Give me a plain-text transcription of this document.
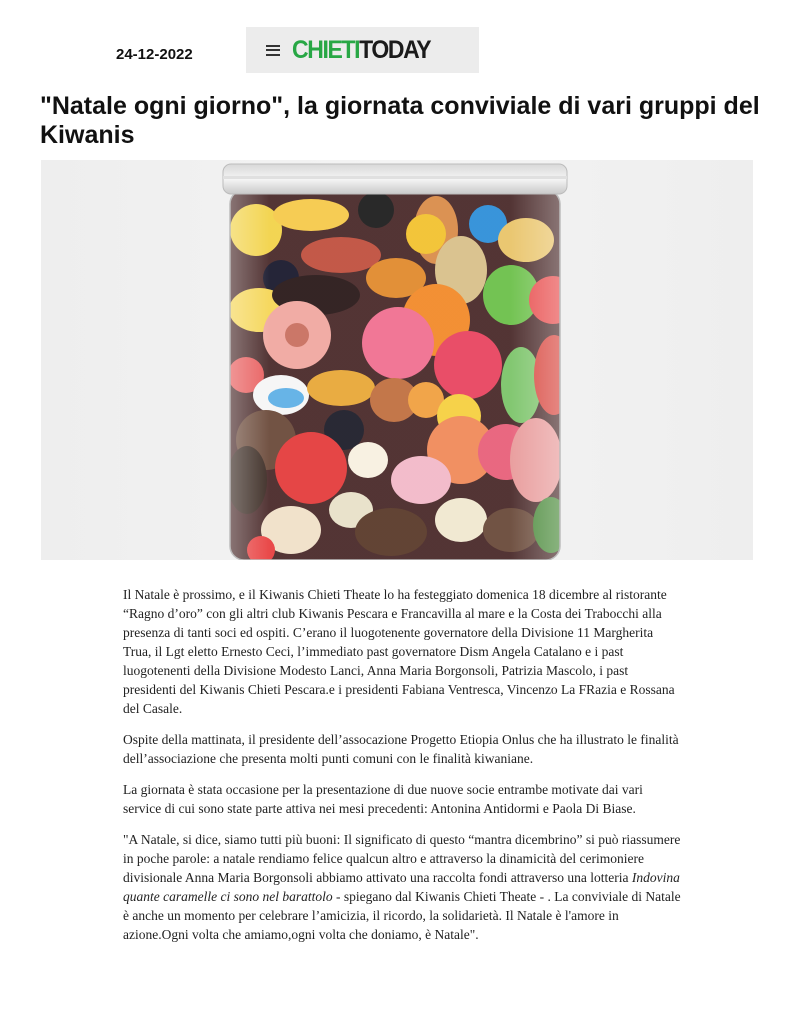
24-12-2022	CHIETITODAY
"Natale ogni giorno", la giornata conviviale di vari gruppi del Kiwanis

Il Natale è prossimo, e il Kiwanis Chieti Theate lo ha festeggiato domenica 18 dicembre al ristorante “Ragno d’oro” con gli altri club Kiwanis Pescara e Francavilla al mare e la Costa dei Trabocchi alla presenza di tanti soci ed ospiti. C’erano il luogotenente governatore della Divisione 11 Margherita Trua, il Lgt eletto Ernesto Ceci, l’immediato past governatore Dism Angela Catalano e i past luogotenenti della Divisione Modesto Lanci, Anna Maria Borgonsoli, Patrizia Mascolo, i past presidenti del Kiwanis Chieti Pescara.e i presidenti Fabiana Ventresca, Vincenzo La FRazia e Rossana del Casale.

Ospite della mattinata, il presidente dell’assocazione Progetto Etiopia Onlus che ha illustrato le finalità dell’associazione che presenta molti punti comuni con le finalità kiwaniane.

La giornata è stata occasione per la presentazione di due nuove socie entrambe motivate dai vari service di cui sono state parte attiva nei mesi precedenti: Antonina Antidormi e Paola Di Biase.

"A Natale, si dice, siamo tutti più buoni: Il significato di questo “mantra dicembrino” si può riassumere in poche parole: a natale rendiamo felice qualcun altro e attraverso la dinamicità del cerimoniere divisionale Anna Maria Borgonsoli abbiamo attivato una raccolta fondi attraverso una lotteria Indovina quante caramelle ci sono nel barattolo - spiegano dal Kiwanis Chieti Theate - . La conviviale di Natale è anche un momento per celebrare l’amicizia, il ricordo, la solidarietà. Il Natale è l'amore in azione.Ogni volta che amiamo,ogni volta che doniamo, è Natale".
